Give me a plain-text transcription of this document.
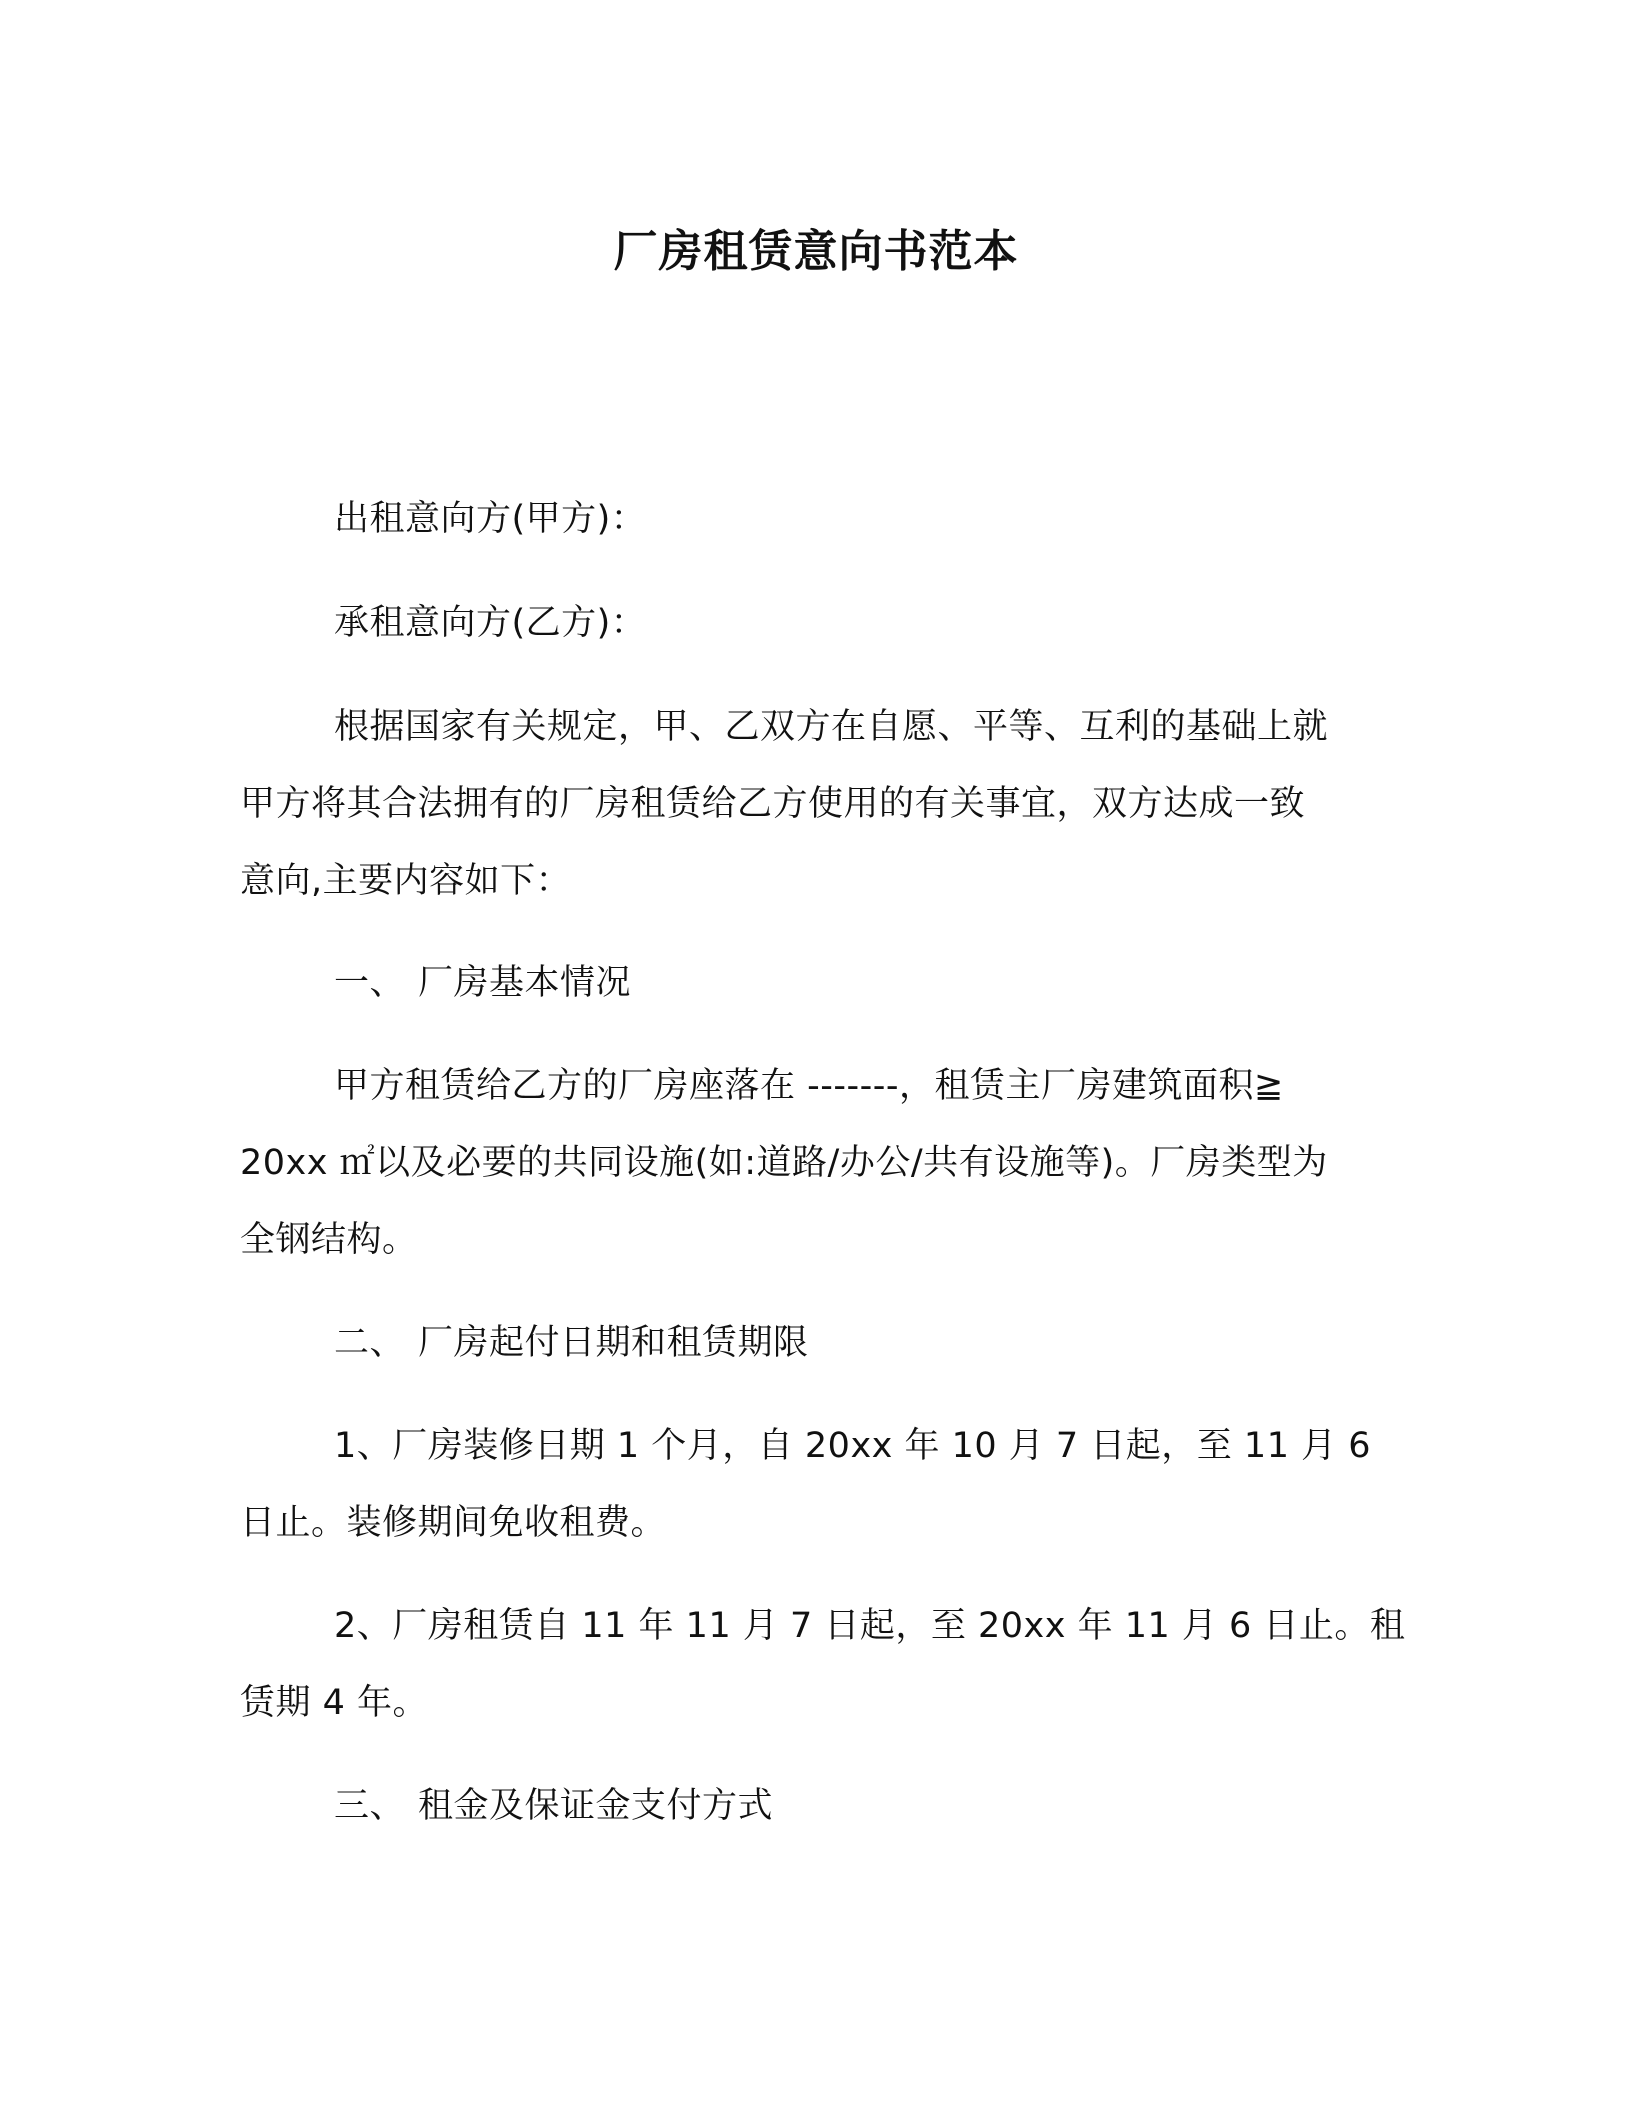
厂房租赁意向书范本
出租意向方(甲方)：
承租意向方(乙方)：
根据国家有关规定，甲、乙双方在自愿、平等、互利的基础上就
甲方将其合法拥有的厂房租赁给乙方使用的有关事宜，双方达成一致
意向,主要内容如下：
一、 厂房基本情况
甲方租赁给乙方的厂房座落在 -------，租赁主厂房建筑面积≧
20xx ㎡以及必要的共同设施(如:道路/办公/共有设施等)。厂房类型为
全钢结构。
二、 厂房起付日期和租赁期限
1、厂房装修日期 1 个月，自 20xx 年 10 月 7 日起，至 11 月 6
日止。装修期间免收租费。
2、厂房租赁自 11 年 11 月 7 日起，至 20xx 年 11 月 6 日止。租
赁期 4 年。
三、 租金及保证金支付方式
